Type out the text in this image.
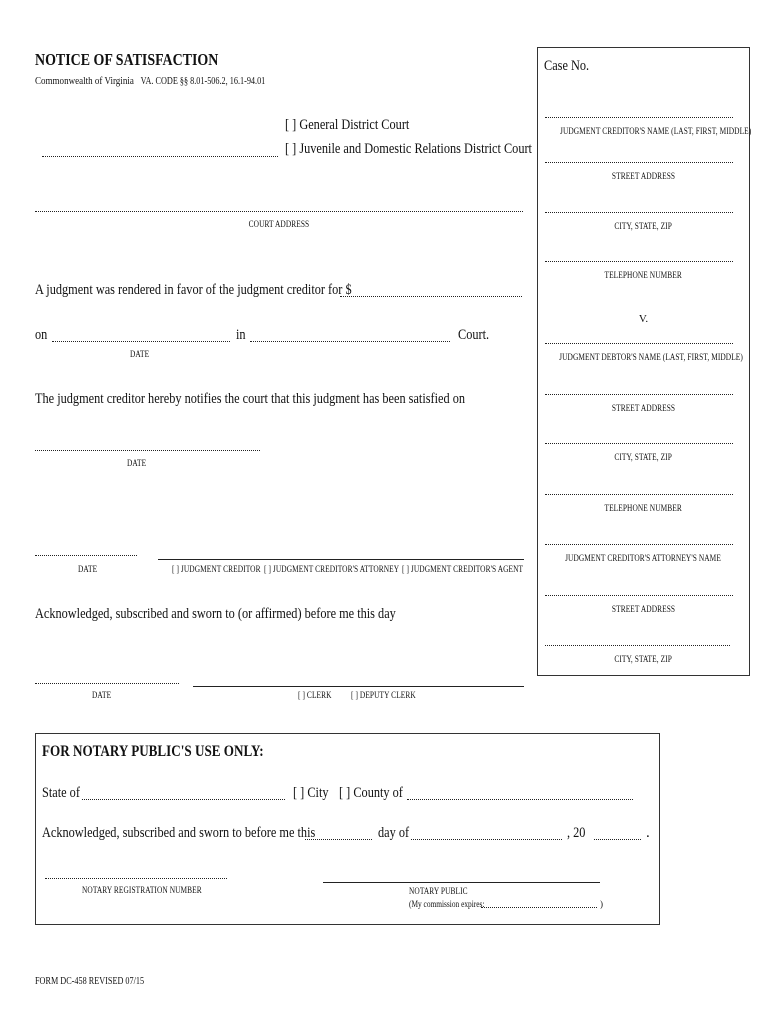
NOTICE OF SATISFACTION
Commonwealth of Virginia VA. CODE §§ 8.01-506.2, 16.1-94.01
[ ] General District Court
[ ] Juvenile and Domestic Relations District Court
COURT ADDRESS
A judgment was rendered in favor of the judgment creditor for $
on	in	Court.
DATE
The judgment creditor hereby notifies the court that this judgment has been satisfied on
DATE
DATE	[ ] JUDGMENT CREDITOR [ ] JUDGMENT CREDITOR'S ATTORNEY [ ] JUDGMENT CREDITOR'S AGENT
Acknowledged, subscribed and sworn to (or affirmed) before me this day
DATE	[ ] CLERK	[ ] DEPUTY CLERK
Case No.
JUDGMENT CREDITOR'S NAME (LAST, FIRST, MIDDLE)
STREET ADDRESS
CITY, STATE, ZIP
TELEPHONE NUMBER
V.
JUDGMENT DEBTOR'S NAME (LAST, FIRST, MIDDLE)
STREET ADDRESS
CITY, STATE, ZIP
TELEPHONE NUMBER
JUDGMENT CREDITOR'S ATTORNEY'S NAME
STREET ADDRESS
CITY, STATE, ZIP
FOR NOTARY PUBLIC'S USE ONLY:
State of	[ ] City [ ] County of
Acknowledged, subscribed and sworn to before me this	day of	, 20	.
NOTARY REGISTRATION NUMBER	NOTARY PUBLIC
(My commission expires:	)
FORM DC-458 REVISED 07/15
